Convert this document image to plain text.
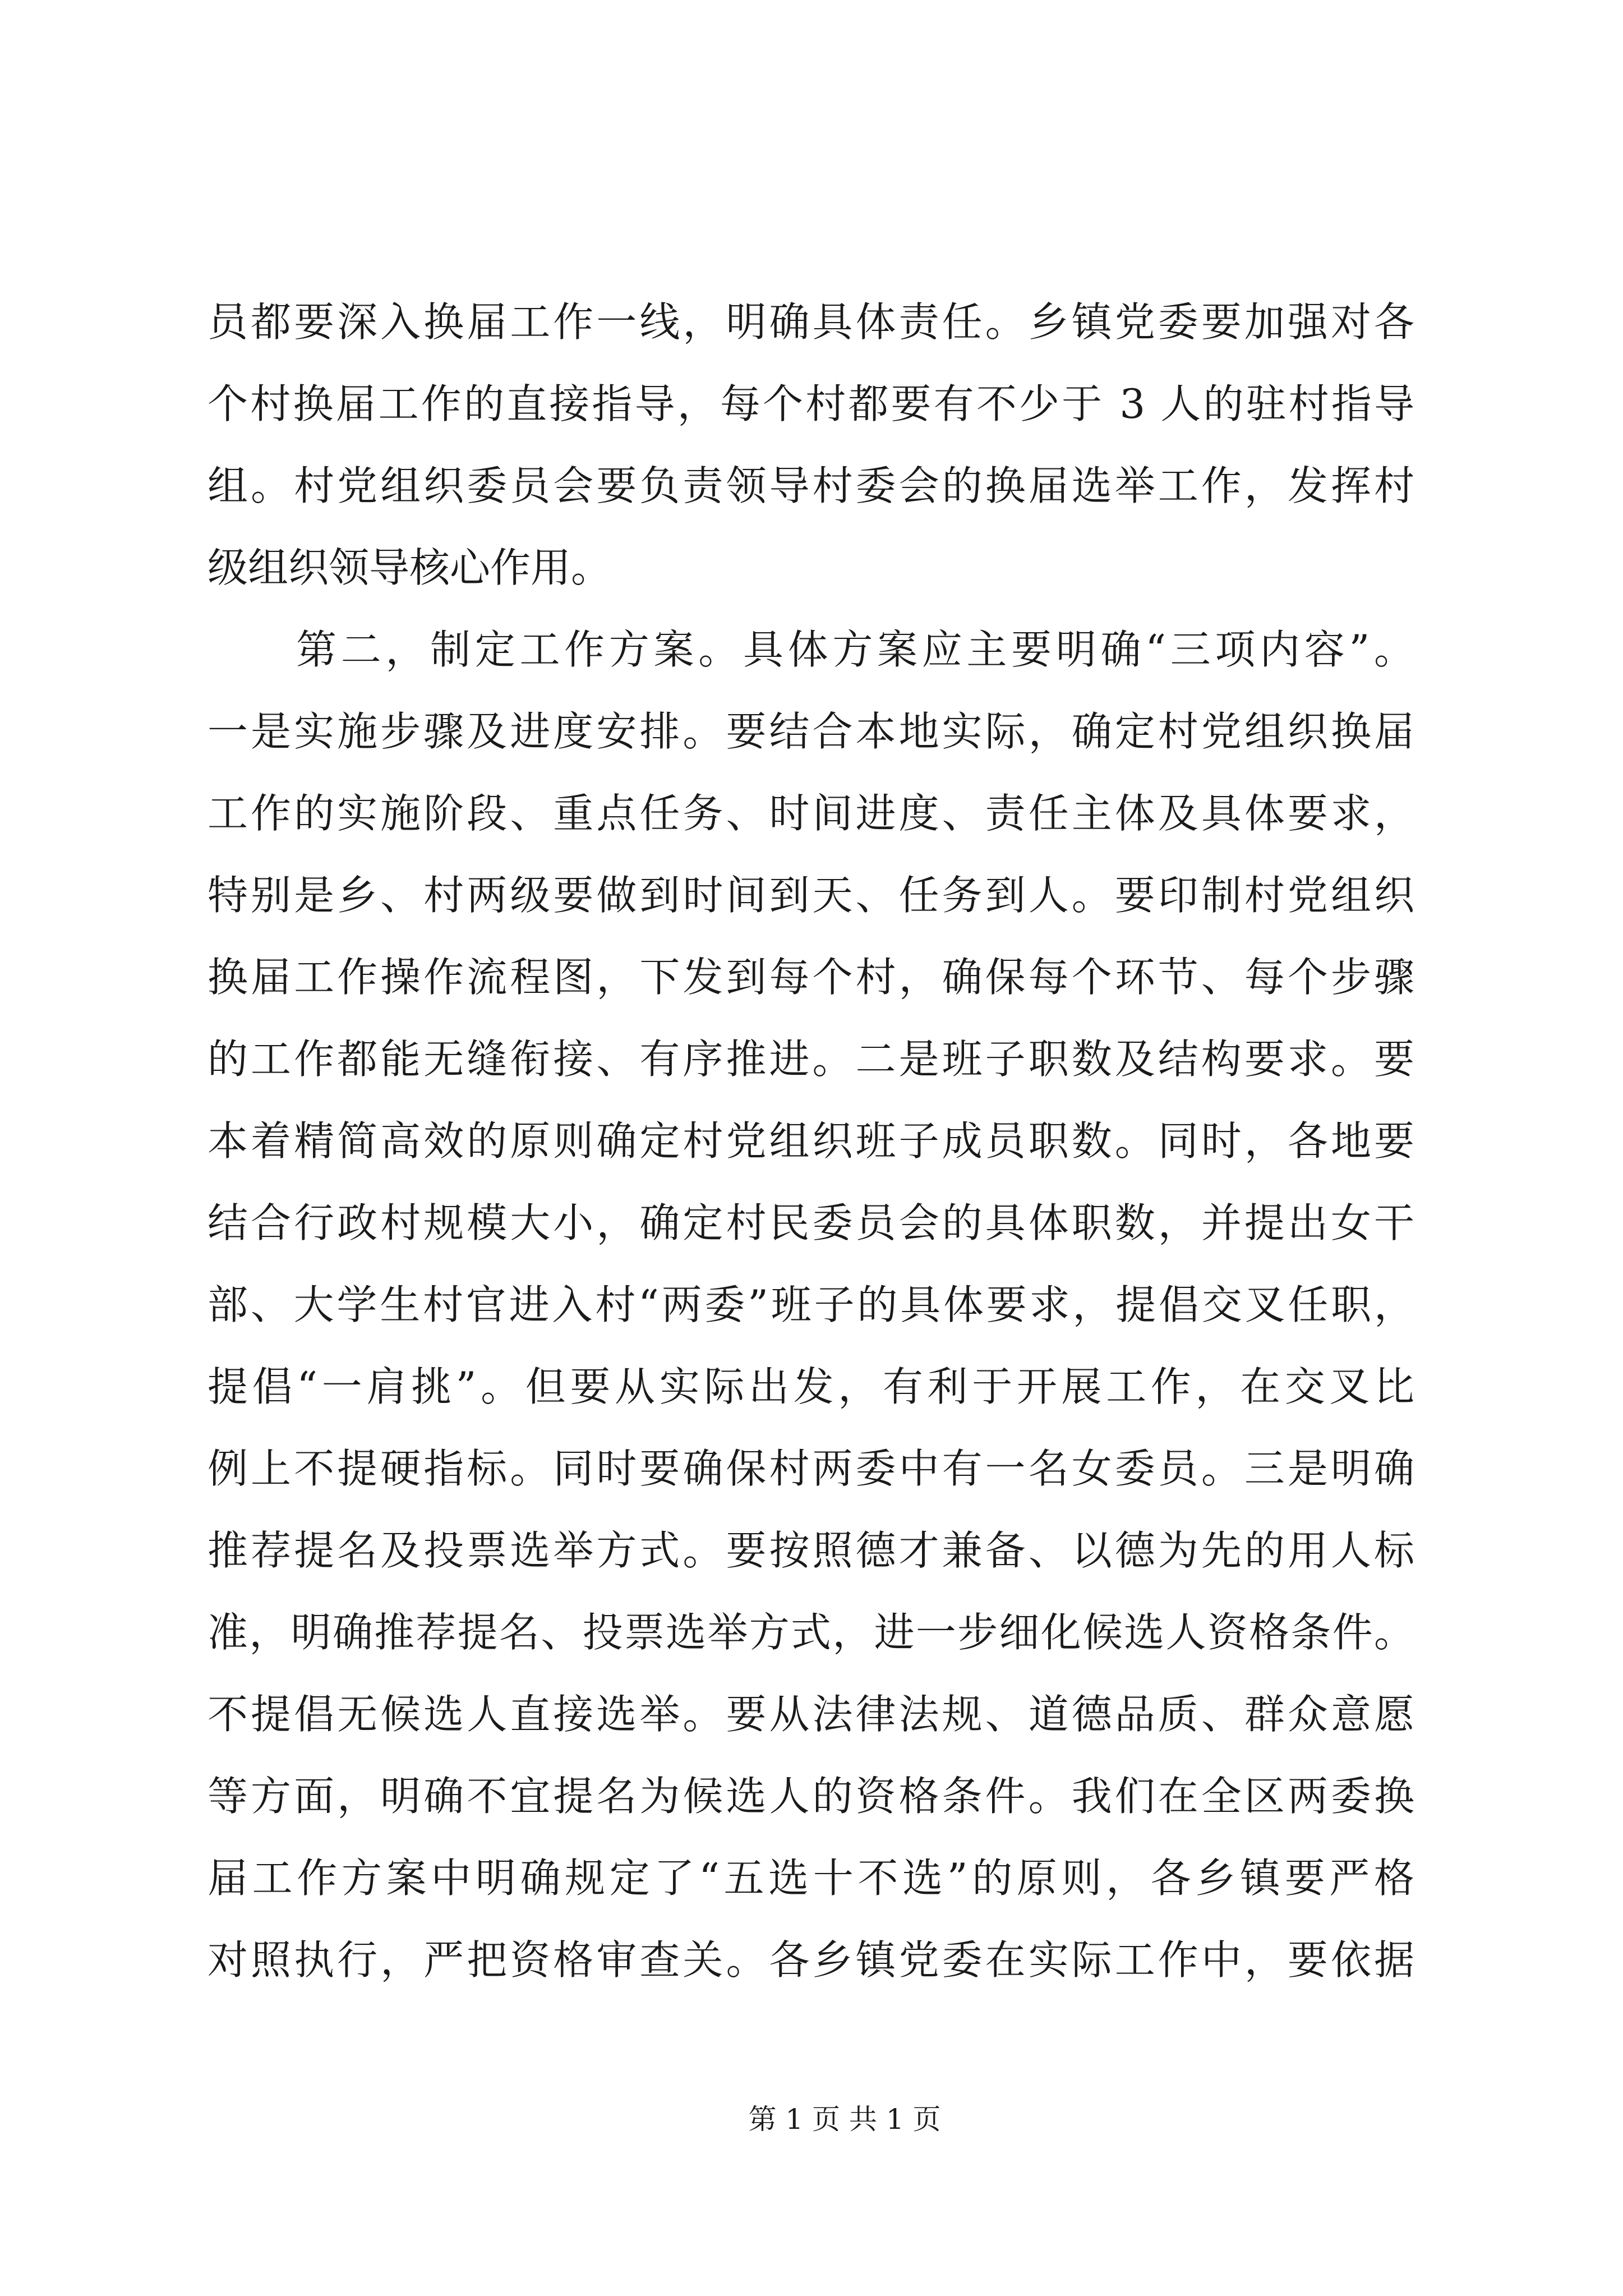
员都要深入换届工作一线，明确具体责任。乡镇党委要加强对各
个村换届工作的直接指导，每个村都要有不少于 3 人的驻村指导
组。村党组织委员会要负责领导村委会的换届选举工作，发挥村
级组织领导核心作用。
第二，制定工作方案。具体方案应主要明确“三项内容”。
一是实施步骤及进度安排。要结合本地实际，确定村党组织换届
工作的实施阶段、重点任务、时间进度、责任主体及具体要求，
特别是乡、村两级要做到时间到天、任务到人。要印制村党组织
换届工作操作流程图，下发到每个村，确保每个环节、每个步骤
的工作都能无缝衔接、有序推进。二是班子职数及结构要求。要
本着精简高效的原则确定村党组织班子成员职数。同时，各地要
结合行政村规模大小，确定村民委员会的具体职数，并提出女干
部、大学生村官进入村“两委”班子的具体要求，提倡交叉任职，
提倡“一肩挑”。但要从实际出发，有利于开展工作，在交叉比
例上不提硬指标。同时要确保村两委中有一名女委员。三是明确
推荐提名及投票选举方式。要按照德才兼备、以德为先的用人标
准，明确推荐提名、投票选举方式，进一步细化候选人资格条件。
不提倡无候选人直接选举。要从法律法规、道德品质、群众意愿
等方面，明确不宜提名为候选人的资格条件。我们在全区两委换
届工作方案中明确规定了“五选十不选”的原则，各乡镇要严格
对照执行，严把资格审查关。各乡镇党委在实际工作中，要依据
第 1 页 共 1 页
